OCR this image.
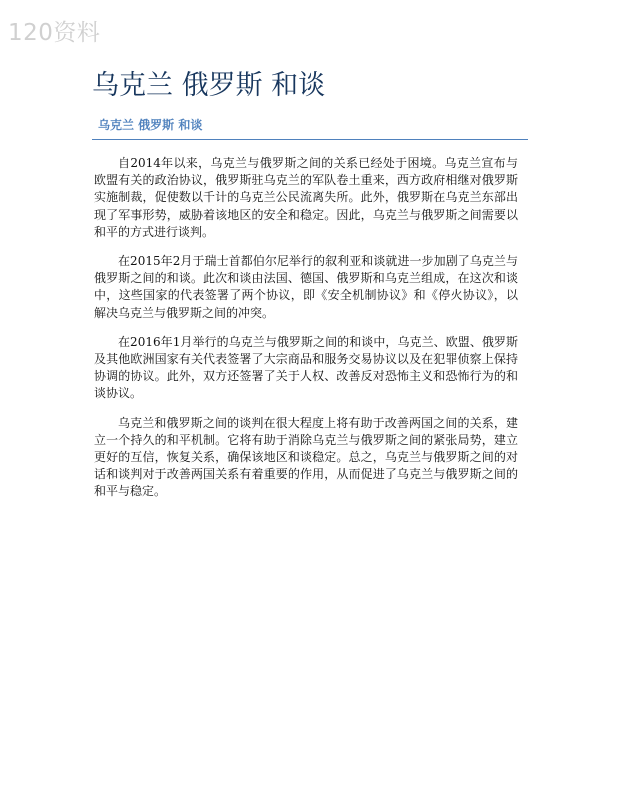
120资料
乌克兰 俄罗斯 和谈
乌克兰 俄罗斯 和谈

自2014年以来，乌克兰与俄罗斯之间的关系已经处于困境。乌克兰宣布与欧盟有关的政治协议，俄罗斯驻乌克兰的军队卷土重来，西方政府相继对俄罗斯实施制裁，促使数以千计的乌克兰公民流离失所。此外，俄罗斯在乌克兰东部出现了军事形势，威胁着该地区的安全和稳定。因此，乌克兰与俄罗斯之间需要以和平的方式进行谈判。

在2015年2月于瑞士首都伯尔尼举行的叙利亚和谈就进一步加剧了乌克兰与俄罗斯之间的和谈。此次和谈由法国、德国、俄罗斯和乌克兰组成，在这次和谈中，这些国家的代表签署了两个协议，即《安全机制协议》和《停火协议》，以解决乌克兰与俄罗斯之间的冲突。

在2016年1月举行的乌克兰与俄罗斯之间的和谈中，乌克兰、欧盟、俄罗斯及其他欧洲国家有关代表签署了大宗商品和服务交易协议以及在犯罪侦察上保持协调的协议。此外，双方还签署了关于人权、改善反对恐怖主义和恐怖行为的和谈协议。

乌克兰和俄罗斯之间的谈判在很大程度上将有助于改善两国之间的关系，建立一个持久的和平机制。它将有助于消除乌克兰与俄罗斯之间的紧张局势，建立更好的互信，恢复关系，确保该地区和谈稳定。总之，乌克兰与俄罗斯之间的对话和谈判对于改善两国关系有着重要的作用，从而促进了乌克兰与俄罗斯之间的和平与稳定。
